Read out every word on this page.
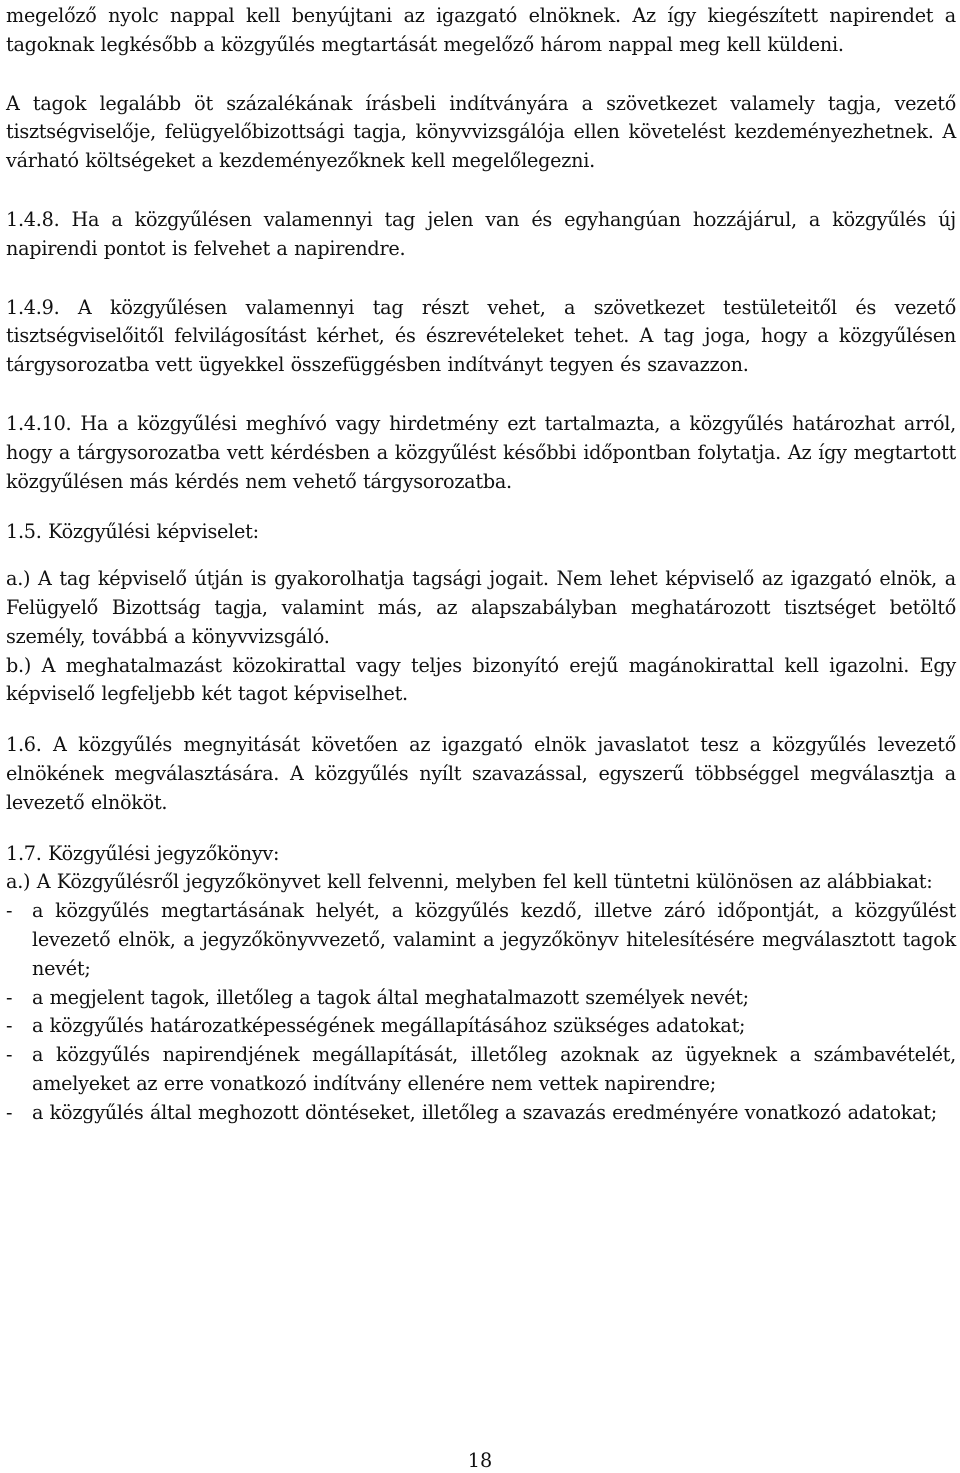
megelőző nyolc nappal kell benyújtani az igazgató elnöknek. Az így kiegészített napirendet a tagoknak legkésőbb a közgyűlés megtartását megelőző három nappal meg kell küldeni.

A tagok legalább öt százalékának írásbeli indítványára a szövetkezet valamely tagja, vezető tisztségviselője, felügyelőbizottsági tagja, könyvvizsgálója ellen követelést kezdeményezhetnek. A várható költségeket a kezdeményezőknek kell megelőlegezni.

1.4.8. Ha a közgyűlésen valamennyi tag jelen van és egyhangúan hozzájárul, a közgyűlés új napirendi pontot is felvehet a napirendre.

1.4.9. A közgyűlésen valamennyi tag részt vehet, a szövetkezet testületeitől és vezető tisztségviselőitől felvilágosítást kérhet, és észrevételeket tehet. A tag joga, hogy a közgyűlésen tárgysorozatba vett ügyekkel összefüggésben indítványt tegyen és szavazzon.

1.4.10. Ha a közgyűlési meghívó vagy hirdetmény ezt tartalmazta, a közgyűlés határozhat arról, hogy a tárgysorozatba vett kérdésben a közgyűlést későbbi időpontban folytatja. Az így megtartott közgyűlésen más kérdés nem vehető tárgysorozatba.

1.5. Közgyűlési képviselet:

a.) A tag képviselő útján is gyakorolhatja tagsági jogait. Nem lehet képviselő az igazgató elnök, a Felügyelő Bizottság tagja, valamint más, az alapszabályban meghatározott tisztséget betöltő személy, továbbá a könyvvizsgáló.

b.) A meghatalmazást közokirattal vagy teljes bizonyító erejű magánokirattal kell igazolni. Egy képviselő legfeljebb két tagot képviselhet.

1.6. A közgyűlés megnyitását követően az igazgató elnök javaslatot tesz a közgyűlés levezető elnökének megválasztására. A közgyűlés nyílt szavazással, egyszerű többséggel megválasztja a levezető elnököt.

1.7. Közgyűlési jegyzőkönyv:

a.) A Közgyűlésről jegyzőkönyvet kell felvenni, melyben fel kell tüntetni különösen az alábbiakat:

-	a közgyűlés megtartásának helyét, a közgyűlés kezdő, illetve záró időpontját, a közgyűlést levezető elnök, a jegyzőkönyvvezető, valamint a jegyzőkönyv hitelesítésére megválasztott tagok nevét;
-	a megjelent tagok, illetőleg a tagok által meghatalmazott személyek nevét;
-	a közgyűlés határozatképességének megállapításához szükséges adatokat;
-	a közgyűlés napirendjének megállapítását, illetőleg azoknak az ügyeknek a számbavételét, amelyeket az erre vonatkozó indítvány ellenére nem vettek napirendre;
-	a közgyűlés által meghozott döntéseket, illetőleg a szavazás eredményére vonatkozó adatokat;
18
